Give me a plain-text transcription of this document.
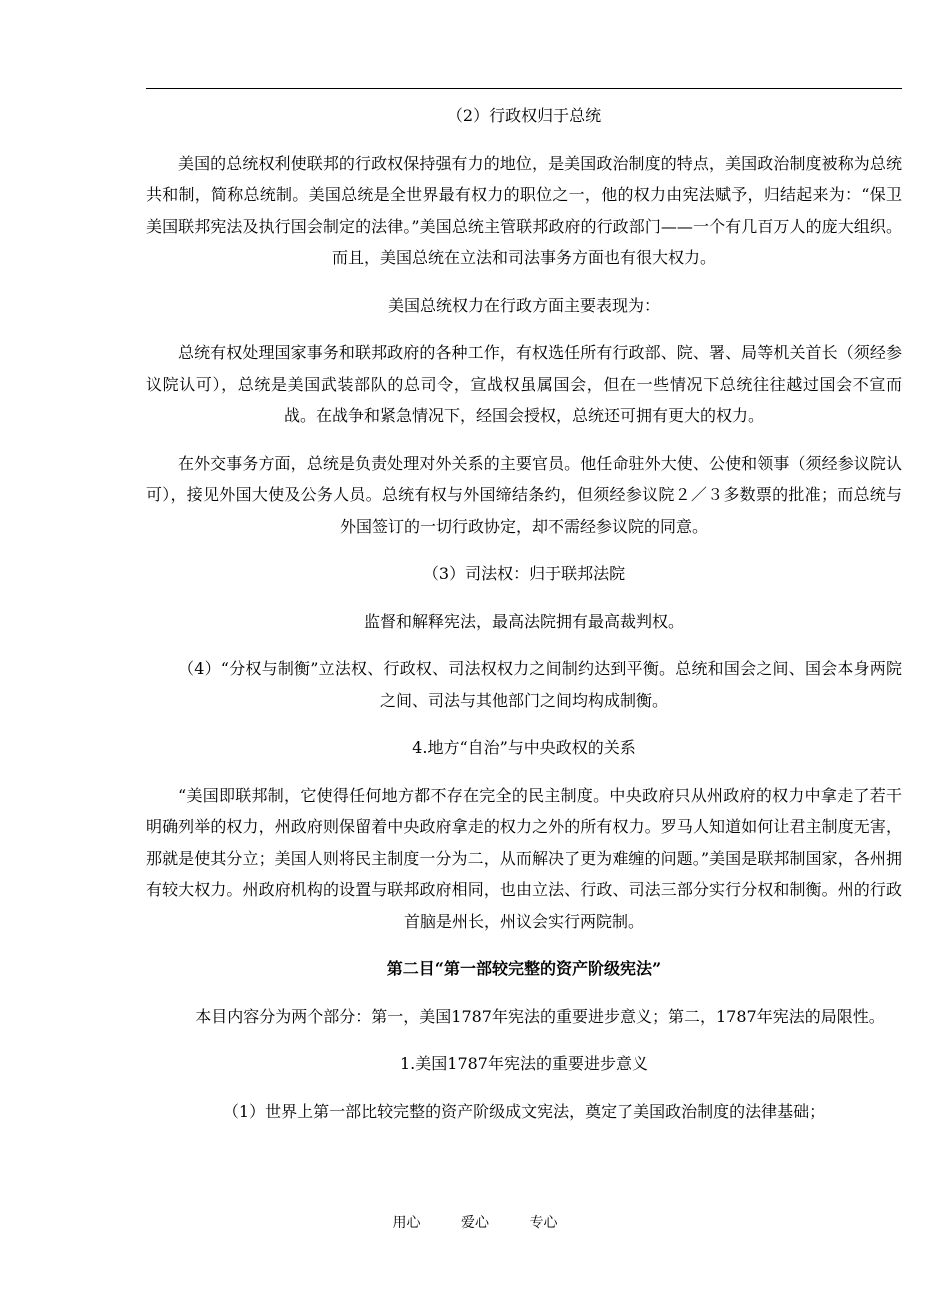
（2）行政权归于总统

美国的总统权利使联邦的行政权保持强有力的地位，是美国政治制度的特点，美国政治制度被称为总统共和制，简称总统制。美国总统是全世界最有权力的职位之一，他的权力由宪法赋予，归结起来为：“保卫美国联邦宪法及执行国会制定的法律。”美国总统主管联邦政府的行政部门——一个有几百万人的庞大组织。而且，美国总统在立法和司法事务方面也有很大权力。

美国总统权力在行政方面主要表现为：

总统有权处理国家事务和联邦政府的各种工作，有权选任所有行政部、院、署、局等机关首长（须经参议院认可），总统是美国武装部队的总司令，宣战权虽属国会，但在一些情况下总统往往越过国会不宣而战。在战争和紧急情况下，经国会授权，总统还可拥有更大的权力。

在外交事务方面，总统是负责处理对外关系的主要官员。他任命驻外大使、公使和领事（须经参议院认可），接见外国大使及公务人员。总统有权与外国缔结条约，但须经参议院２／３多数票的批准；而总统与外国签订的一切行政协定，却不需经参议院的同意。

（3）司法权：归于联邦法院

监督和解释宪法，最高法院拥有最高裁判权。

（4）“分权与制衡”立法权、行政权、司法权权力之间制约达到平衡。总统和国会之间、国会本身两院之间、司法与其他部门之间均构成制衡。

4.地方“自治”与中央政权的关系

“美国即联邦制，它使得任何地方都不存在完全的民主制度。中央政府只从州政府的权力中拿走了若干明确列举的权力，州政府则保留着中央政府拿走的权力之外的所有权力。罗马人知道如何让君主制度无害，那就是使其分立；美国人则将民主制度一分为二，从而解决了更为难缠的问题。”美国是联邦制国家，各州拥有较大权力。州政府机构的设置与联邦政府相同，也由立法、行政、司法三部分实行分权和制衡。州的行政首脑是州长，州议会实行两院制。

第二目“第一部较完整的资产阶级宪法”

本目内容分为两个部分：第一，美国1787年宪法的重要进步意义；第二，1787年宪法的局限性。

1.美国1787年宪法的重要进步意义

（1）世界上第一部比较完整的资产阶级成文宪法，奠定了美国政治制度的法律基础；

用心	爱心	专心
